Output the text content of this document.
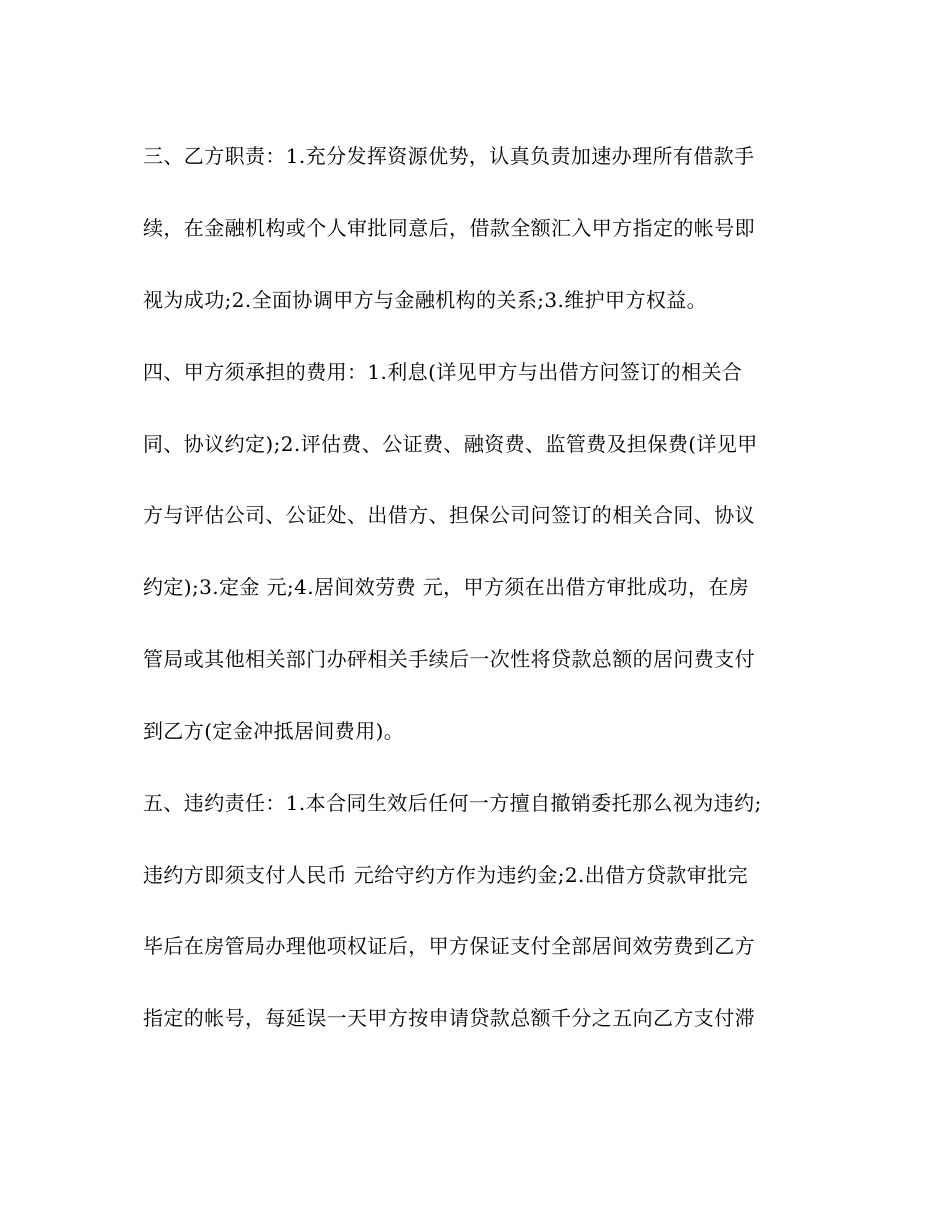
三、乙方职责：1.充分发挥资源优势，认真负责加速办理所有借款手
续，在金融机构或个人审批同意后，借款全额汇入甲方指定的帐号即
视为成功;2.全面协调甲方与金融机构的关系;3.维护甲方权益。
四、甲方须承担的费用：1.利息(详见甲方与出借方问签订的相关合
同、协议约定);2.评估费、公证费、融资费、监管费及担保费(详见甲
方与评估公司、公证处、出借方、担保公司问签订的相关合同、协议
约定);3.定金 元;4.居间效劳费 元，甲方须在出借方审批成功，在房
管局或其他相关部门办砰相关手续后一次性将贷款总额的居问费支付
到乙方(定金冲抵居间费用)。
五、违约责任：1.本合同生效后任何一方擅自撤销委托那么视为违约;
违约方即须支付人民币 元给守约方作为违约金;2.出借方贷款审批完
毕后在房管局办理他项权证后，甲方保证支付全部居间效劳费到乙方
指定的帐号，每延误一天甲方按申请贷款总额千分之五向乙方支付滞
